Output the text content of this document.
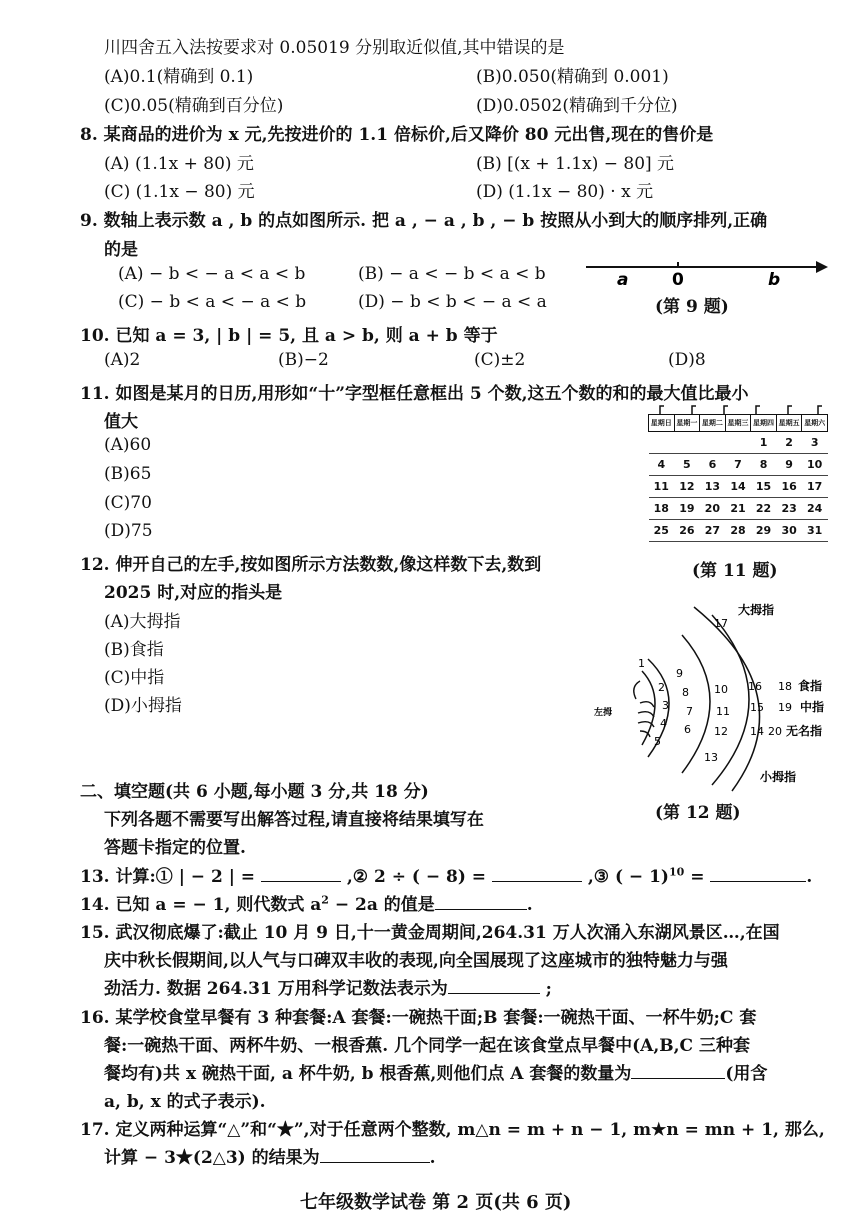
川四舍五入法按要求对 0.05019 分别取近似值,其中错误的是
(A)0.1(精确到 0.1)	(B)0.050(精确到 0.001)
(C)0.05(精确到百分位)	(D)0.0502(精确到千分位)
8. 某商品的进价为 x 元,先按进价的 1.1 倍标价,后又降价 80 元出售,现在的售价是
(A) (1.1x + 80) 元	(B) [(x + 1.1x) − 80] 元
(C) (1.1x − 80) 元	(D) (1.1x − 80) · x 元
9. 数轴上表示数 a , b 的点如图所示. 把 a , − a , b , − b 按照从小到大的顺序排列,正确
的是
(A) − b < − a < a < b	(B) − a < − b < a < b
(C) − b < a < − a < b	(D) − b < b < − a < a
a	0	b
(第 9 题)
10. 已知 a = 3, | b | = 5, 且 a > b, 则 a + b 等于
(A)2	(B)−2	(C)±2	(D)8
11. 如图是某月的日历,用形如“十”字型框任意框出 5 个数,这五个数的和的最大值比最小
值大
(A)60
(B)65
(C)70
(D)75
星期日	星期一	星期二	星期三	星期四	星期五	星期六
				1	2	3
4	5	6	7	8	9	10
11	12	13	14	15	16	17
18	19	20	21	22	23	24
25	26	27	28	29	30	31
(第 11 题)
12. 伸开自己的左手,按如图所示方法数数,像这样数下去,数到
2025 时,对应的指头是
(A)大拇指
(B)食指
(C)中指
(D)小拇指
大拇指
食指
中指
无名指
小拇指
左拇
1
2
3
4
5
6
7
8
9
10
11
12
13
14
15
16
17
18
19
20
(第 12 题)
二、填空题(共 6 小题,每小题 3 分,共 18 分)
下列各题不需要写出解答过程,请直接将结果填写在
答题卡指定的位置.
13. 计算:① | − 2 | =	,② 2 ÷ ( − 8) =	,③ ( − 1)$^{10}$ =	.
14. 已知 a = − 1, 则代数式 $a^2 - 2a$ 的值是	.
15. 武汉彻底爆了:截止 10 月 9 日,十一黄金周期间,264.31 万人次涌入东湖风景区…,在国
庆中秋长假期间,以人气与口碑双丰收的表现,向全国展现了这座城市的独特魅力与强
劲活力. 数据 264.31 万用科学记数法表示为	;
16. 某学校食堂早餐有 3 种套餐:A 套餐:一碗热干面;B 套餐:一碗热干面、一杯牛奶;C 套
餐:一碗热干面、两杯牛奶、一根香蕉. 几个同学一起在该食堂点早餐中(A,B,C 三种套
餐均有)共 x 碗热干面, a 杯牛奶, b 根香蕉,则他们点 A 套餐的数量为	(用含
a, b, x 的式子表示).
17. 定义两种运算“△”和“★”,对于任意两个整数, m△n = m + n − 1, m★n = mn + 1, 那么,
计算 − 3★(2△3) 的结果为	.
七年级数学试卷 第 2 页(共 6 页)
